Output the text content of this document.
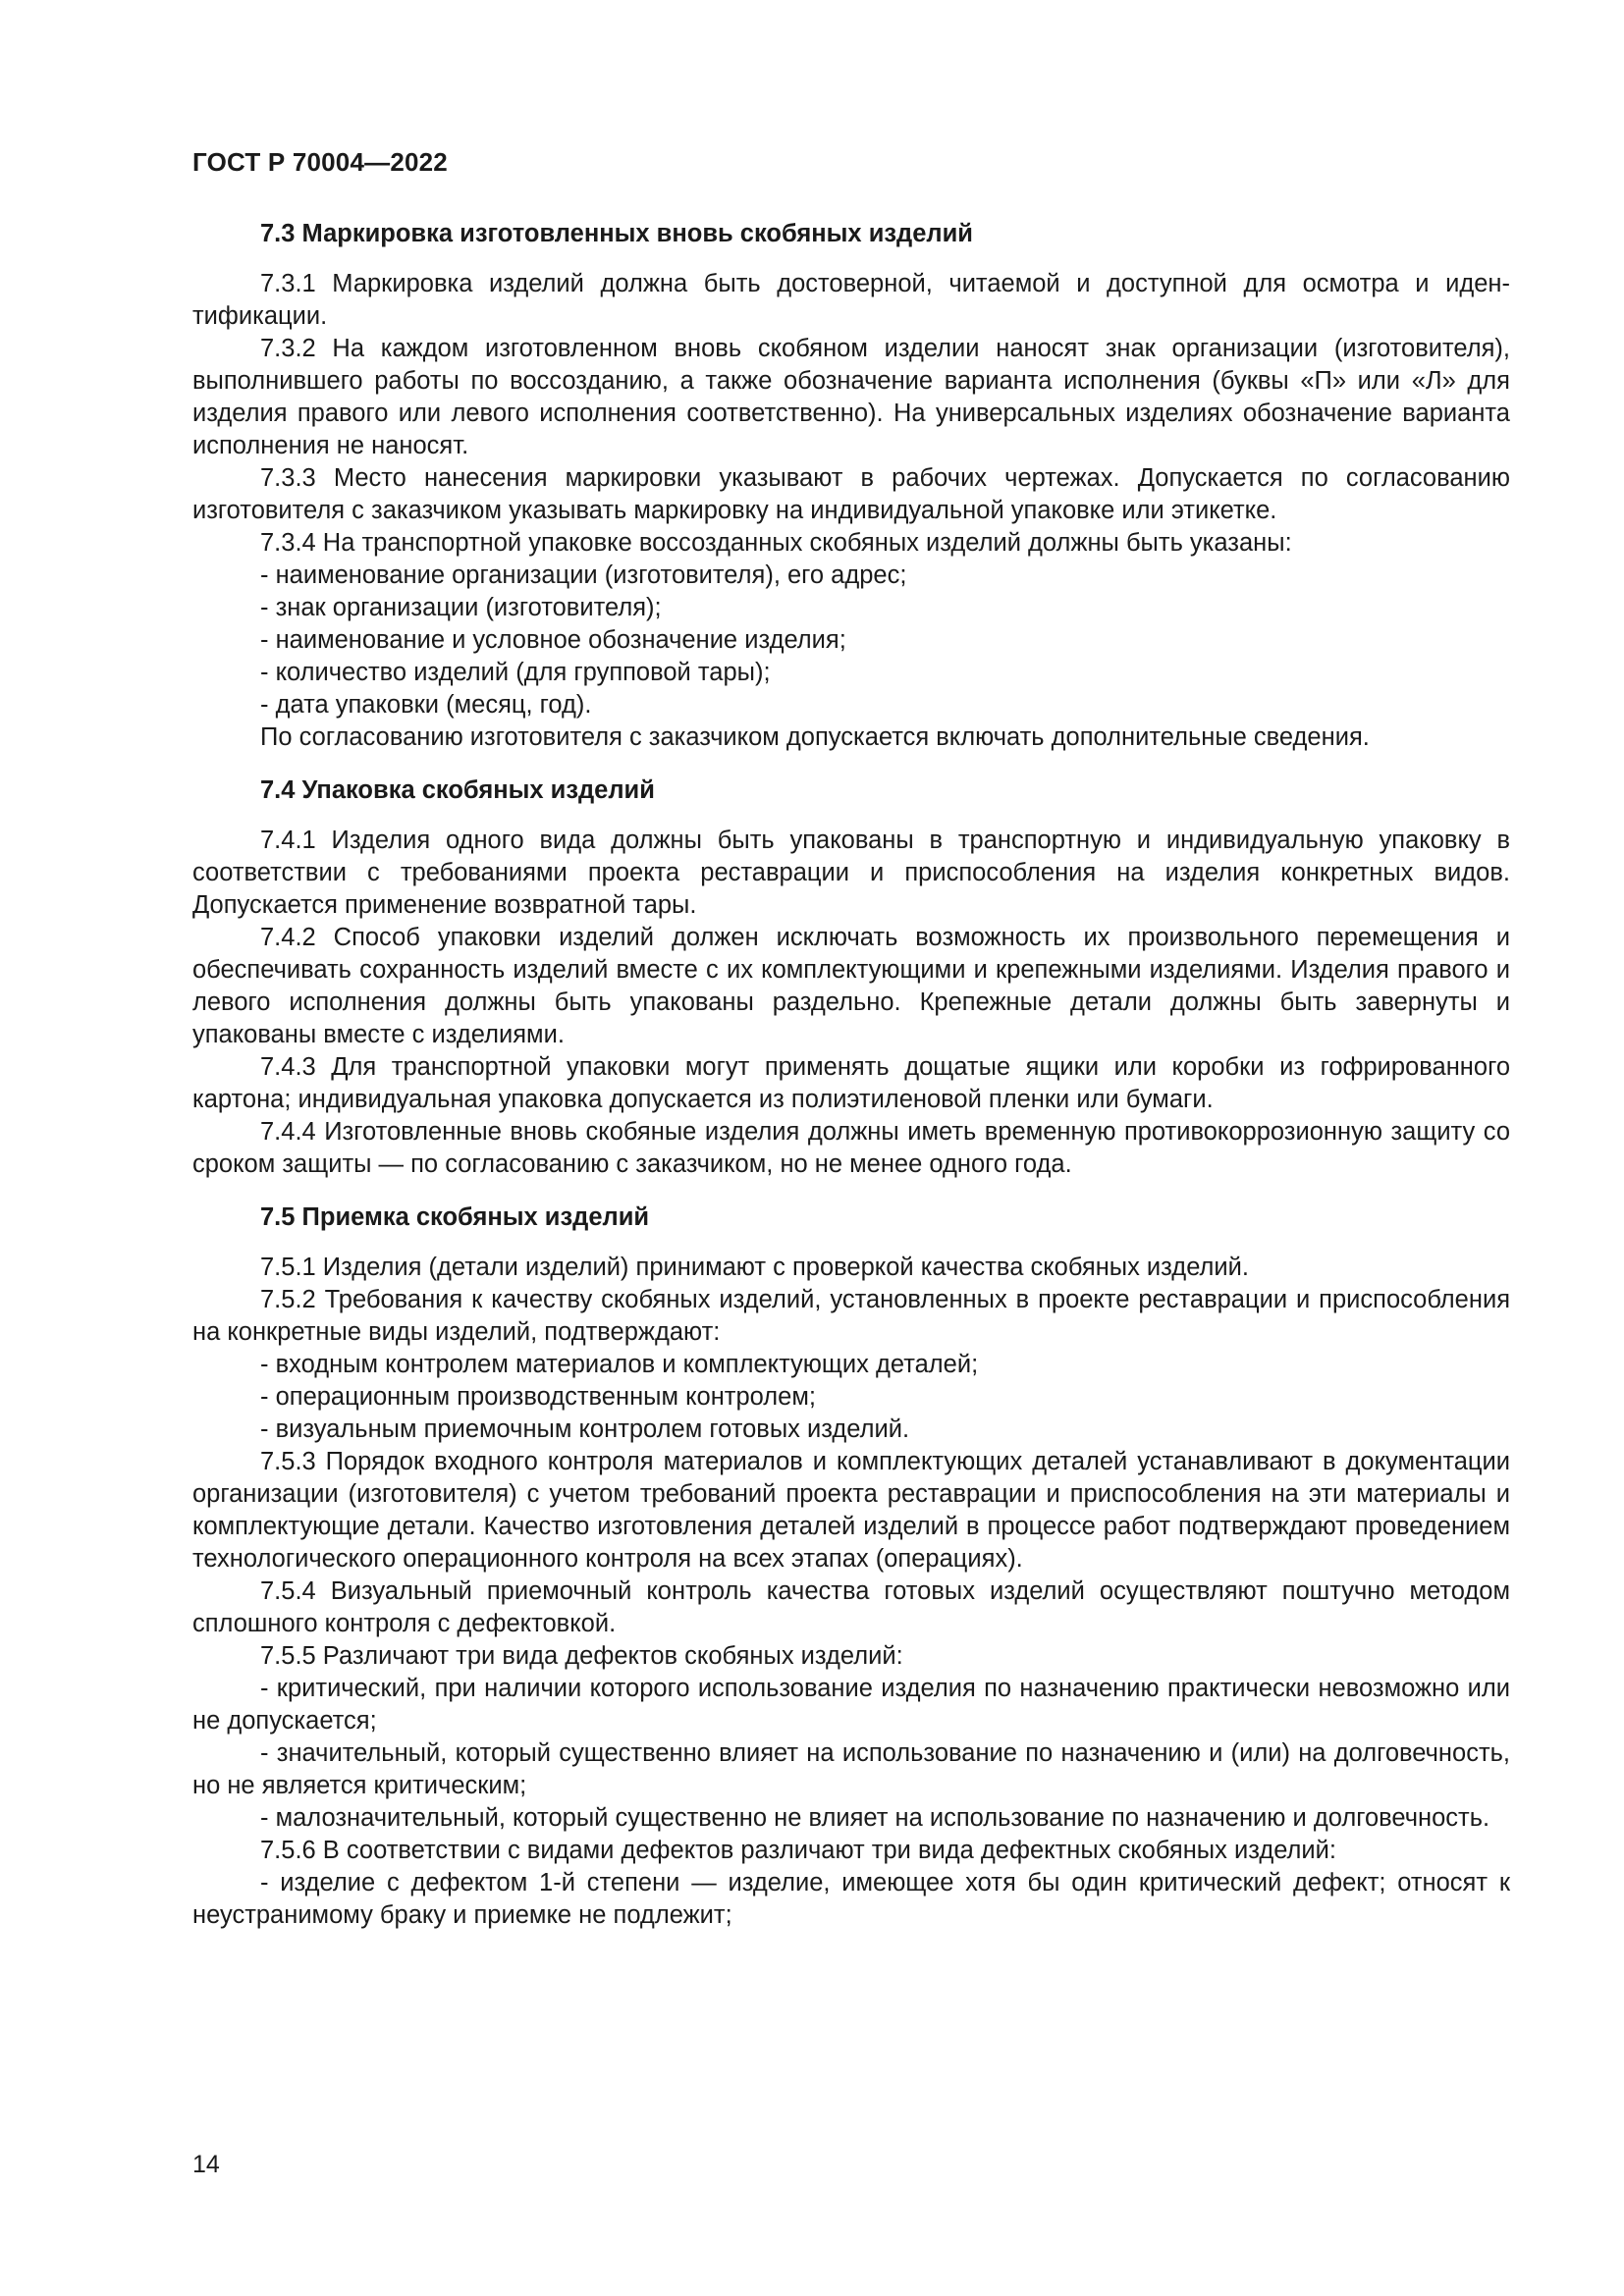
ГОСТ Р 70004—2022

7.3 Маркировка изготовленных вновь скобяных изделий

7.3.1 Маркировка изделий должна быть достоверной, читаемой и доступной для осмотра и идентификации.

7.3.2 На каждом изготовленном вновь скобяном изделии наносят знак организации (изготовителя), выполнившего работы по воссозданию, а также обозначение варианта исполнения (буквы «П» или «Л» для изделия правого или левого исполнения соответственно). На универсальных изделиях обозначение варианта исполнения не наносят.

7.3.3 Место нанесения маркировки указывают в рабочих чертежах. Допускается по согласованию изготовителя с заказчиком указывать маркировку на индивидуальной упаковке или этикетке.

7.3.4 На транспортной упаковке воссозданных скобяных изделий должны быть указаны:

- наименование организации (изготовителя), его адрес;

- знак организации (изготовителя);

- наименование и условное обозначение изделия;

- количество изделий (для групповой тары);

- дата упаковки (месяц, год).

По согласованию изготовителя с заказчиком допускается включать дополнительные сведения.

7.4 Упаковка скобяных изделий

7.4.1 Изделия одного вида должны быть упакованы в транспортную и индивидуальную упаковку в соответствии с требованиями проекта реставрации и приспособления на изделия конкретных видов. Допускается применение возвратной тары.

7.4.2 Способ упаковки изделий должен исключать возможность их произвольного перемещения и обеспечивать сохранность изделий вместе с их комплектующими и крепежными изделиями. Изделия правого и левого исполнения должны быть упакованы раздельно. Крепежные детали должны быть завернуты и упакованы вместе с изделиями.

7.4.3 Для транспортной упаковки могут применять дощатые ящики или коробки из гофрированного картона; индивидуальная упаковка допускается из полиэтиленовой пленки или бумаги.

7.4.4 Изготовленные вновь скобяные изделия должны иметь временную противокоррозионную защиту со сроком защиты — по согласованию с заказчиком, но не менее одного года.

7.5 Приемка скобяных изделий

7.5.1 Изделия (детали изделий) принимают с проверкой качества скобяных изделий.

7.5.2 Требования к качеству скобяных изделий, установленных в проекте реставрации и приспособления на конкретные виды изделий, подтверждают:

- входным контролем материалов и комплектующих деталей;

- операционным производственным контролем;

- визуальным приемочным контролем готовых изделий.

7.5.3 Порядок входного контроля материалов и комплектующих деталей устанавливают в документации организации (изготовителя) с учетом требований проекта реставрации и приспособления на эти материалы и комплектующие детали. Качество изготовления деталей изделий в процессе работ подтверждают проведением технологического операционного контроля на всех этапах (операциях).

7.5.4 Визуальный приемочный контроль качества готовых изделий осуществляют поштучно методом сплошного контроля с дефектовкой.

7.5.5 Различают три вида дефектов скобяных изделий:

- критический, при наличии которого использование изделия по назначению практически невозможно или не допускается;

- значительный, который существенно влияет на использование по назначению и (или) на долговечность, но не является критическим;

- малозначительный, который существенно не влияет на использование по назначению и долговечность.

7.5.6 В соответствии с видами дефектов различают три вида дефектных скобяных изделий:

- изделие с дефектом 1-й степени — изделие, имеющее хотя бы один критический дефект; относят к неустранимому браку и приемке не подлежит;

14
